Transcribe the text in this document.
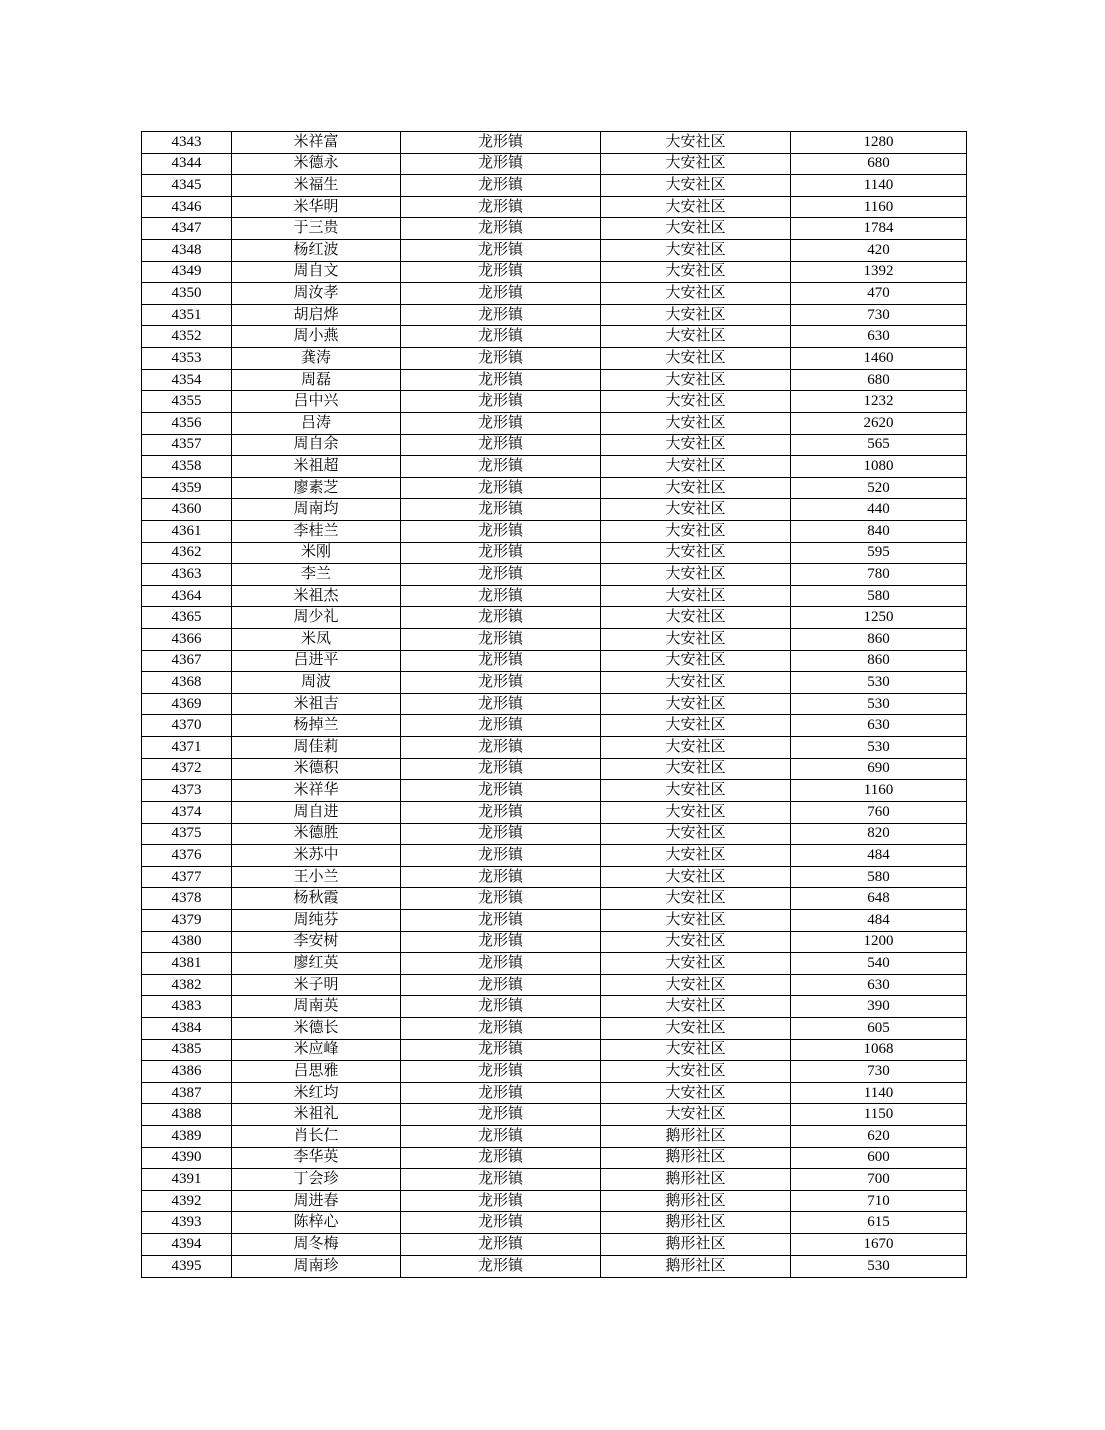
4343	米祥富	龙形镇	大安社区	1280
4344	米德永	龙形镇	大安社区	680
4345	米福生	龙形镇	大安社区	1140
4346	米华明	龙形镇	大安社区	1160
4347	于三贵	龙形镇	大安社区	1784
4348	杨红波	龙形镇	大安社区	420
4349	周自文	龙形镇	大安社区	1392
4350	周汝孝	龙形镇	大安社区	470
4351	胡启烨	龙形镇	大安社区	730
4352	周小燕	龙形镇	大安社区	630
4353	龚涛	龙形镇	大安社区	1460
4354	周磊	龙形镇	大安社区	680
4355	吕中兴	龙形镇	大安社区	1232
4356	吕涛	龙形镇	大安社区	2620
4357	周自余	龙形镇	大安社区	565
4358	米祖超	龙形镇	大安社区	1080
4359	廖素芝	龙形镇	大安社区	520
4360	周南均	龙形镇	大安社区	440
4361	李桂兰	龙形镇	大安社区	840
4362	米刚	龙形镇	大安社区	595
4363	李兰	龙形镇	大安社区	780
4364	米祖杰	龙形镇	大安社区	580
4365	周少礼	龙形镇	大安社区	1250
4366	米凤	龙形镇	大安社区	860
4367	吕进平	龙形镇	大安社区	860
4368	周波	龙形镇	大安社区	530
4369	米祖吉	龙形镇	大安社区	530
4370	杨掉兰	龙形镇	大安社区	630
4371	周佳莉	龙形镇	大安社区	530
4372	米德积	龙形镇	大安社区	690
4373	米祥华	龙形镇	大安社区	1160
4374	周自进	龙形镇	大安社区	760
4375	米德胜	龙形镇	大安社区	820
4376	米苏中	龙形镇	大安社区	484
4377	王小兰	龙形镇	大安社区	580
4378	杨秋霞	龙形镇	大安社区	648
4379	周纯芬	龙形镇	大安社区	484
4380	李安树	龙形镇	大安社区	1200
4381	廖红英	龙形镇	大安社区	540
4382	米子明	龙形镇	大安社区	630
4383	周南英	龙形镇	大安社区	390
4384	米德长	龙形镇	大安社区	605
4385	米应峰	龙形镇	大安社区	1068
4386	吕思雅	龙形镇	大安社区	730
4387	米红均	龙形镇	大安社区	1140
4388	米祖礼	龙形镇	大安社区	1150
4389	肖长仁	龙形镇	鹅形社区	620
4390	李华英	龙形镇	鹅形社区	600
4391	丁会珍	龙形镇	鹅形社区	700
4392	周进春	龙形镇	鹅形社区	710
4393	陈梓心	龙形镇	鹅形社区	615
4394	周冬梅	龙形镇	鹅形社区	1670
4395	周南珍	龙形镇	鹅形社区	530
